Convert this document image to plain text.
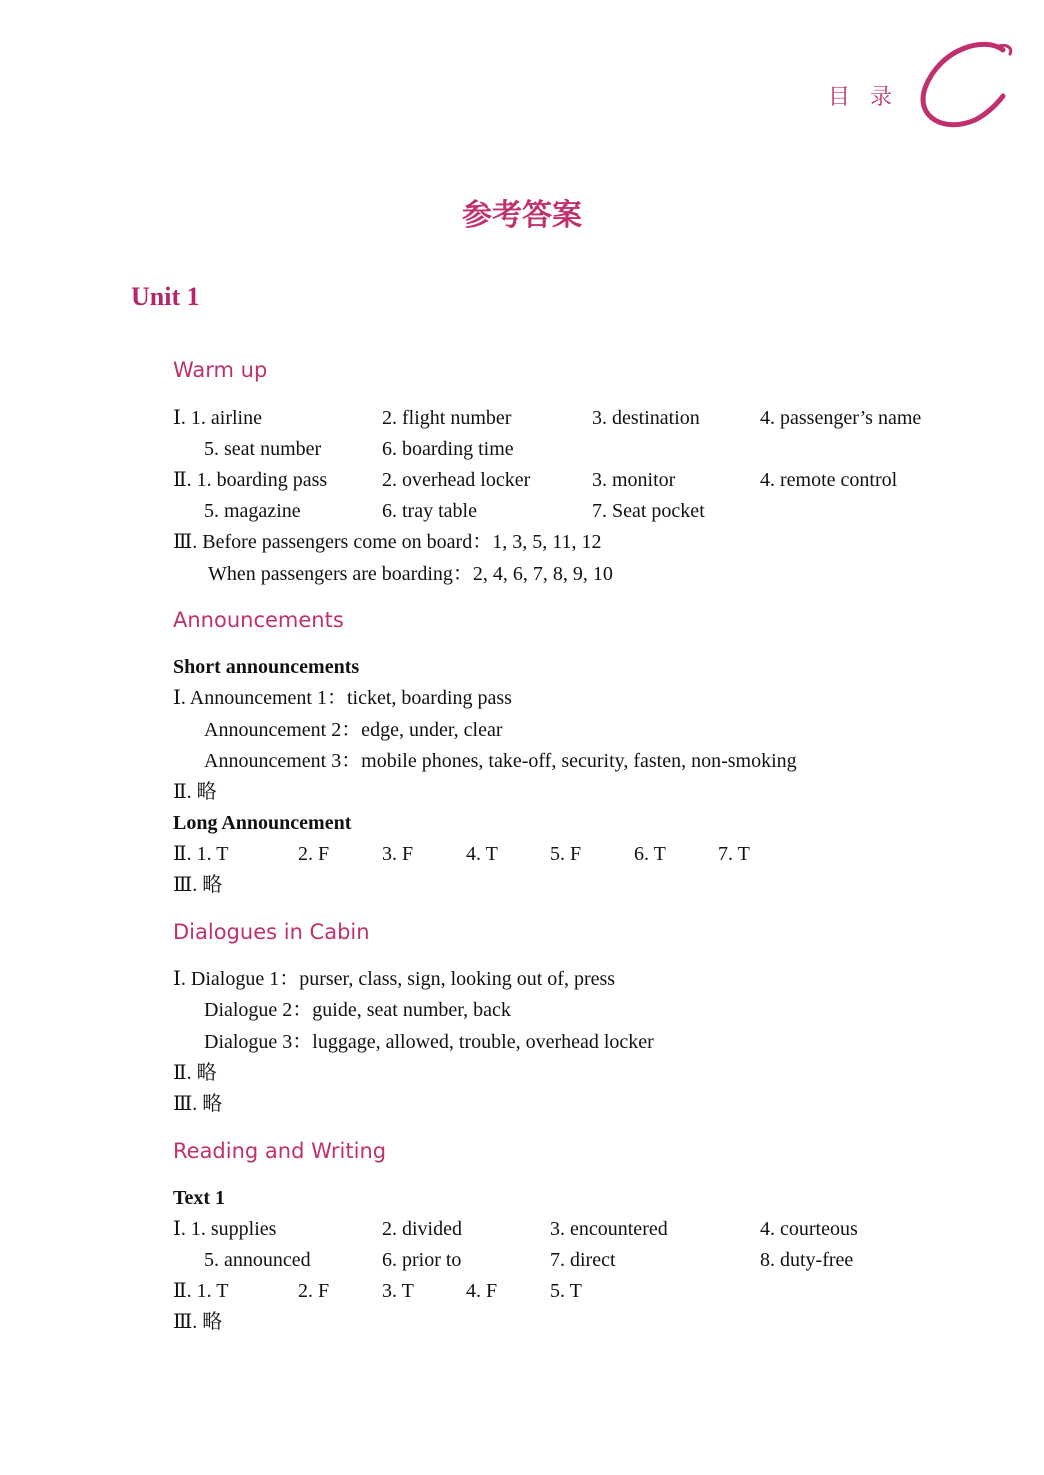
目录
参考答案
Unit 1
Warm up
Ⅰ. 1. airline	2. flight number	3. destination	4. passenger’s name
5. seat number	6. boarding time
Ⅱ. 1. boarding pass	2. overhead locker	3. monitor	4. remote control
5. magazine	6. tray table	7. Seat pocket
Ⅲ. Before passengers come on board：1, 3, 5, 11, 12
When passengers are boarding：2, 4, 6, 7, 8, 9, 10
Announcements
Short announcements
Ⅰ. Announcement 1：ticket, boarding pass
Announcement 2：edge, under, clear
Announcement 3：mobile phones, take-off, security, fasten, non-smoking
Ⅱ. 略
Long Announcement
Ⅱ. 1. T	2. F	3. F	4. T	5. F	6. T	7. T
Ⅲ. 略
Dialogues in Cabin
Ⅰ. Dialogue 1：purser, class, sign, looking out of, press
Dialogue 2：guide, seat number, back
Dialogue 3：luggage, allowed, trouble, overhead locker
Ⅱ. 略
Ⅲ. 略
Reading and Writing
Text 1
Ⅰ. 1. supplies	2. divided	3. encountered	4. courteous
5. announced	6. prior to	7. direct	8. duty-free
Ⅱ. 1. T	2. F	3. T	4. F	5. T
Ⅲ. 略
